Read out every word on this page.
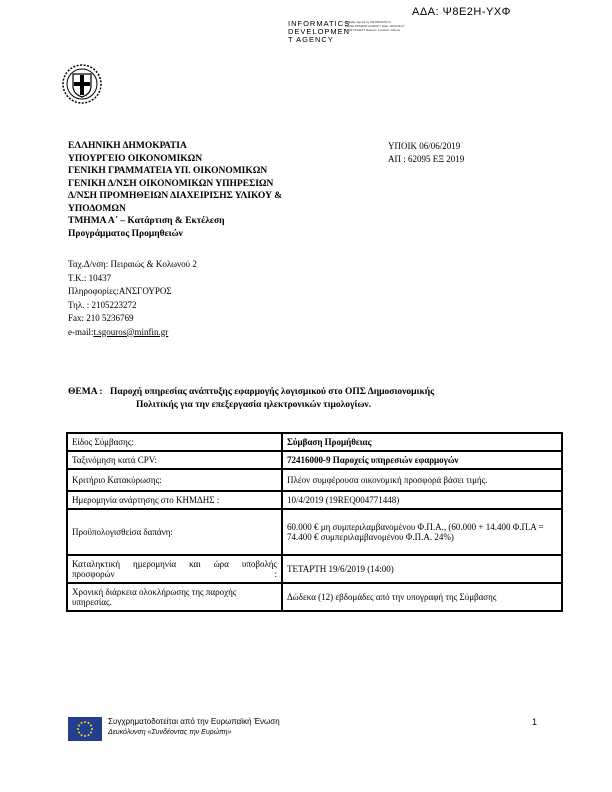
ΑΔΑ: Ψ8Ε2Η-ΥΧΦ
INFORMATICS
DEVELOPMEN
T AGENCY
Digitally signed by INFORMATICS DEVELOPMENT AGENCY Date: 2019.06.07 11:03:18 EEST Reason: Location: Athens
ΕΛΛΗΝΙΚΗ ΔΗΜΟΚΡΑΤΙΑ
ΥΠΟΥΡΓΕΙΟ ΟΙΚΟΝΟΜΙΚΩΝ
ΓΕΝΙΚΗ ΓΡΑΜΜΑΤΕΙΑ ΥΠ. ΟΙΚΟΝΟΜΙΚΩΝ
ΓΕΝΙΚΗ Δ/ΝΣΗ ΟΙΚΟΝΟΜΙΚΩΝ ΥΠΗΡΕΣΙΩΝ
Δ/ΝΣΗ ΠΡΟΜΗΘΕΙΩΝ ΔΙΑΧΕΙΡΙΣΗΣ ΥΛΙΚΟΥ &
ΥΠΟΔΟΜΩΝ
ΤΜΗΜΑ Α΄ – Κατάρτιση & Εκτέλεση
Προγράμματος Προμηθειών
ΥΠΟΙΚ 06/06/2019
ΑΠ : 62095 ΕΞ 2019
Ταχ.Δ/νση: Πειραιώς & Κολωνού 2
Τ.Κ.: 10437
Πληροφορίες:ΑΝΣΓΟΥΡΟΣ
Τηλ. : 2105223272
Fax: 210 5236769
e-mail:t.sgouros@minfin.gr
ΘΕΜΑ : Παροχή υπηρεσίας ανάπτυξης εφαρμογής λογισμικού στο ΟΠΣ Δημοσιονομικής
Πολιτικής για την επεξεργασία ηλεκτρονικών τιμολογίων.
Είδος Σύμβασης:	Σύμβαση Προμήθειας
Ταξινόμηση κατά CPV:	72416000-9 Παροχείς υπηρεσιών εφαρμογών
Κριτήριο Κατακύρωσης:	Πλέον συμφέρουσα οικονομική προσφορά βάσει τιμής.
Ημερομηνία ανάρτησης στο ΚΗΜΔΗΣ :	10/4/2019 (19REQ004771448)
Προϋπολογισθείσα δαπάνη:	60.000 € μη συμπεριλαμβανομένου Φ.Π.Α., (60.000 + 14.400 Φ.Π.Α = 74.400 € συμπεριλαμβανομένου Φ.Π.Α. 24%)
Καταληκτική ημερομηνία και ώρα υποβολής προσφορών :	ΤΕΤΑΡΤΗ 19/6/2019 (14:00)
Χρονική διάρκεια ολοκλήρωσης της παροχής υπηρεσίας.	Δώδεκα (12) εβδομάδες από την υπογραφή της Σύμβασης
Συγχρηματοδοτείται από την Ευρωπαϊκή Ένωση
Δευκόλυνση «Συνδέοντας την Ευρώπη»
1
